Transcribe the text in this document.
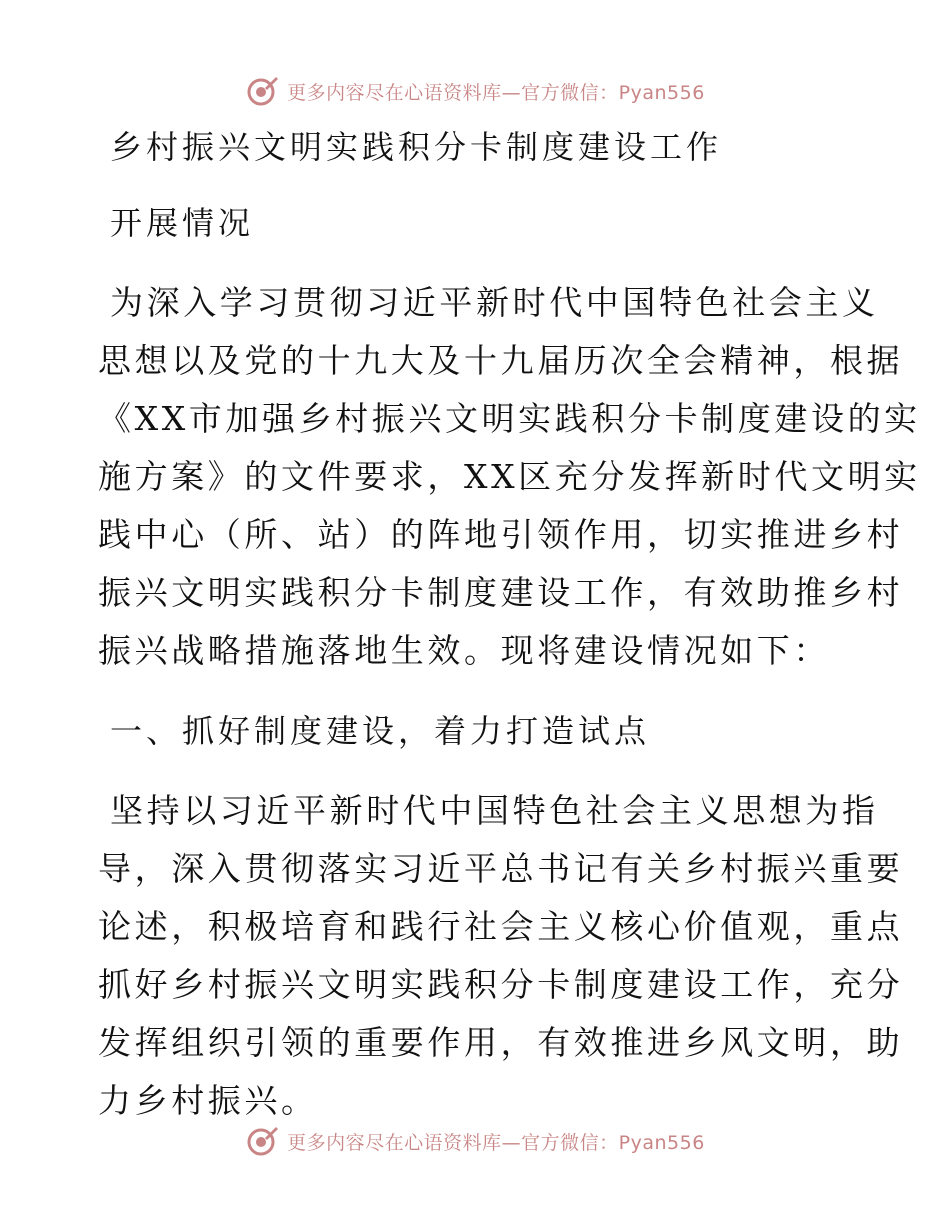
更多内容尽在心语资料库—官方微信：Pyan556
乡村振兴文明实践积分卡制度建设工作
开展情况
为深入学习贯彻习近平新时代中国特色社会主义
思想以及党的十九大及十九届历次全会精神，根据
《XX市加强乡村振兴文明实践积分卡制度建设的实
施方案》的文件要求，XX区充分发挥新时代文明实
践中心（所、站）的阵地引领作用，切实推进乡村
振兴文明实践积分卡制度建设工作，有效助推乡村
振兴战略措施落地生效。现将建设情况如下：
一、抓好制度建设，着力打造试点
坚持以习近平新时代中国特色社会主义思想为指
导，深入贯彻落实习近平总书记有关乡村振兴重要
论述，积极培育和践行社会主义核心价值观，重点
抓好乡村振兴文明实践积分卡制度建设工作，充分
发挥组织引领的重要作用，有效推进乡风文明，助
力乡村振兴。
更多内容尽在心语资料库—官方微信：Pyan556
